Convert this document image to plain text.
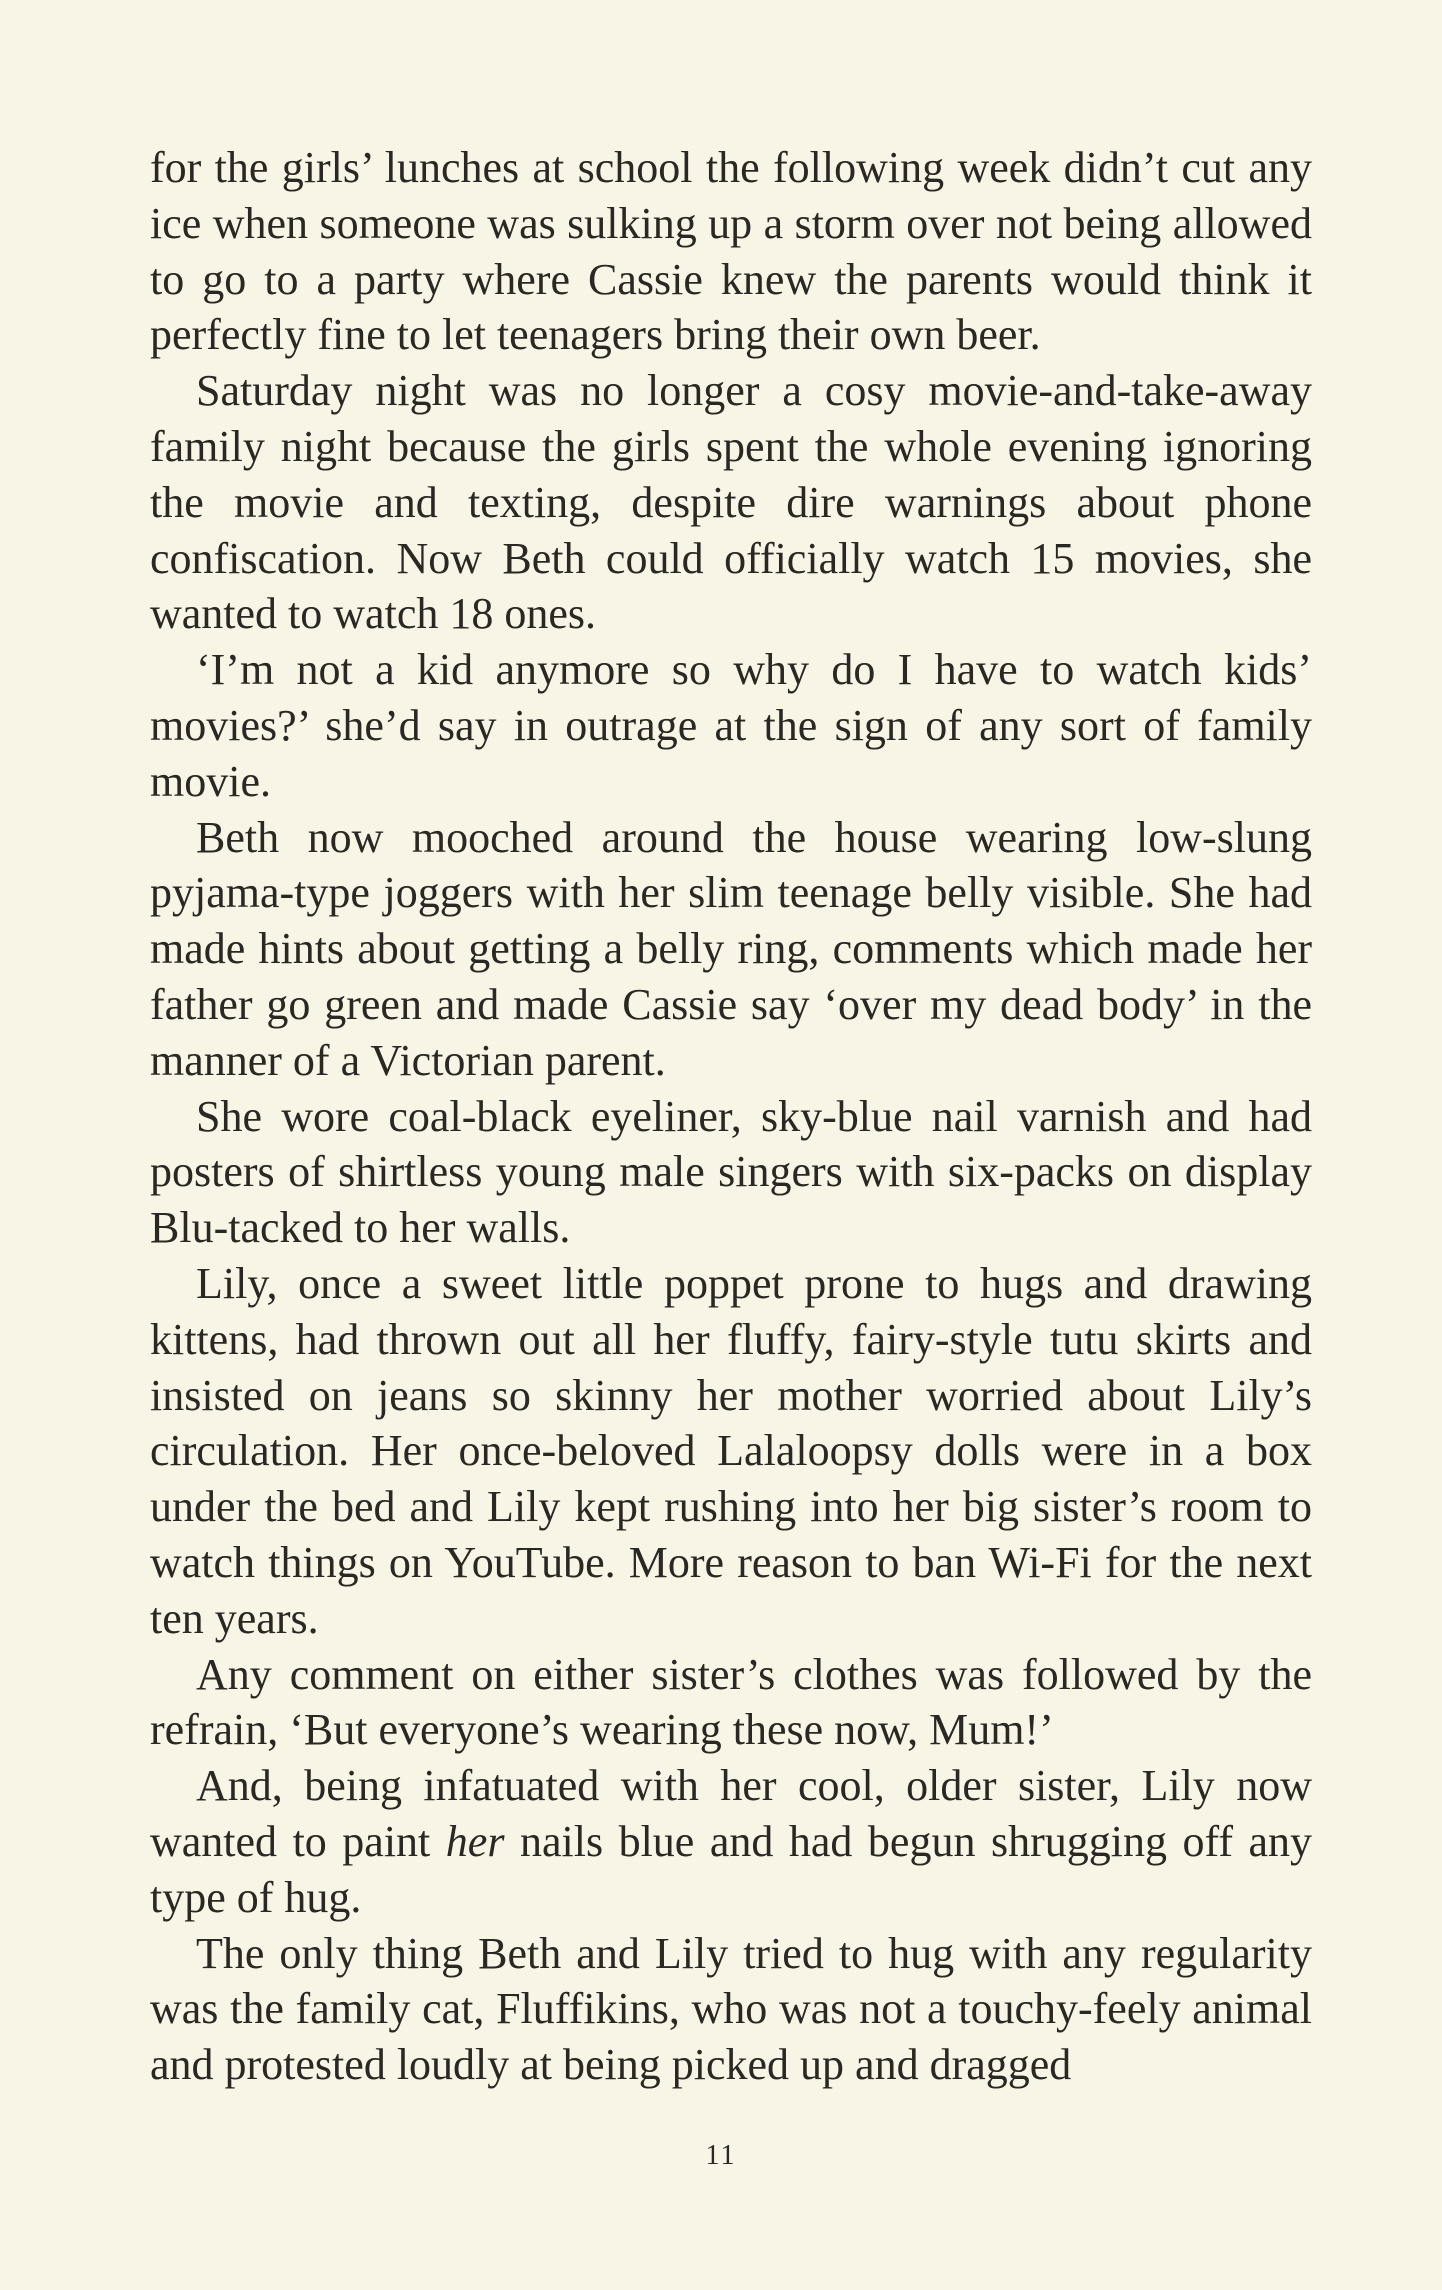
for the girls’ lunches at school the following week didn’t cut any ice when someone was sulking up a storm over not being allowed to go to a party where Cassie knew the parents would think it perfectly fine to let teenagers bring their own beer.

Saturday night was no longer a cosy movie-and-take-away family night because the girls spent the whole evening ignoring the movie and texting, despite dire warnings about phone confiscation. Now Beth could officially watch 15 movies, she wanted to watch 18 ones.

‘I’m not a kid anymore so why do I have to watch kids’ movies?’ she’d say in outrage at the sign of any sort of family movie.

Beth now mooched around the house wearing low-slung pyjama-type joggers with her slim teenage belly visible. She had made hints about getting a belly ring, comments which made her father go green and made Cassie say ‘over my dead body’ in the manner of a Victorian parent.

She wore coal-black eyeliner, sky-blue nail varnish and had posters of shirtless young male singers with six-packs on display Blu-tacked to her walls.

Lily, once a sweet little poppet prone to hugs and drawing kittens, had thrown out all her fluffy, fairy-style tutu skirts and insisted on jeans so skinny her mother worried about Lily’s circulation. Her once-beloved Lalaloopsy dolls were in a box under the bed and Lily kept rushing into her big sister’s room to watch things on YouTube. More reason to ban Wi-Fi for the next ten years.

Any comment on either sister’s clothes was followed by the refrain, ‘But everyone’s wearing these now, Mum!’

And, being infatuated with her cool, older sister, Lily now wanted to paint her nails blue and had begun shrugging off any type of hug.

The only thing Beth and Lily tried to hug with any regularity was the family cat, Fluffikins, who was not a touchy-feely animal and protested loudly at being picked up and dragged

11
